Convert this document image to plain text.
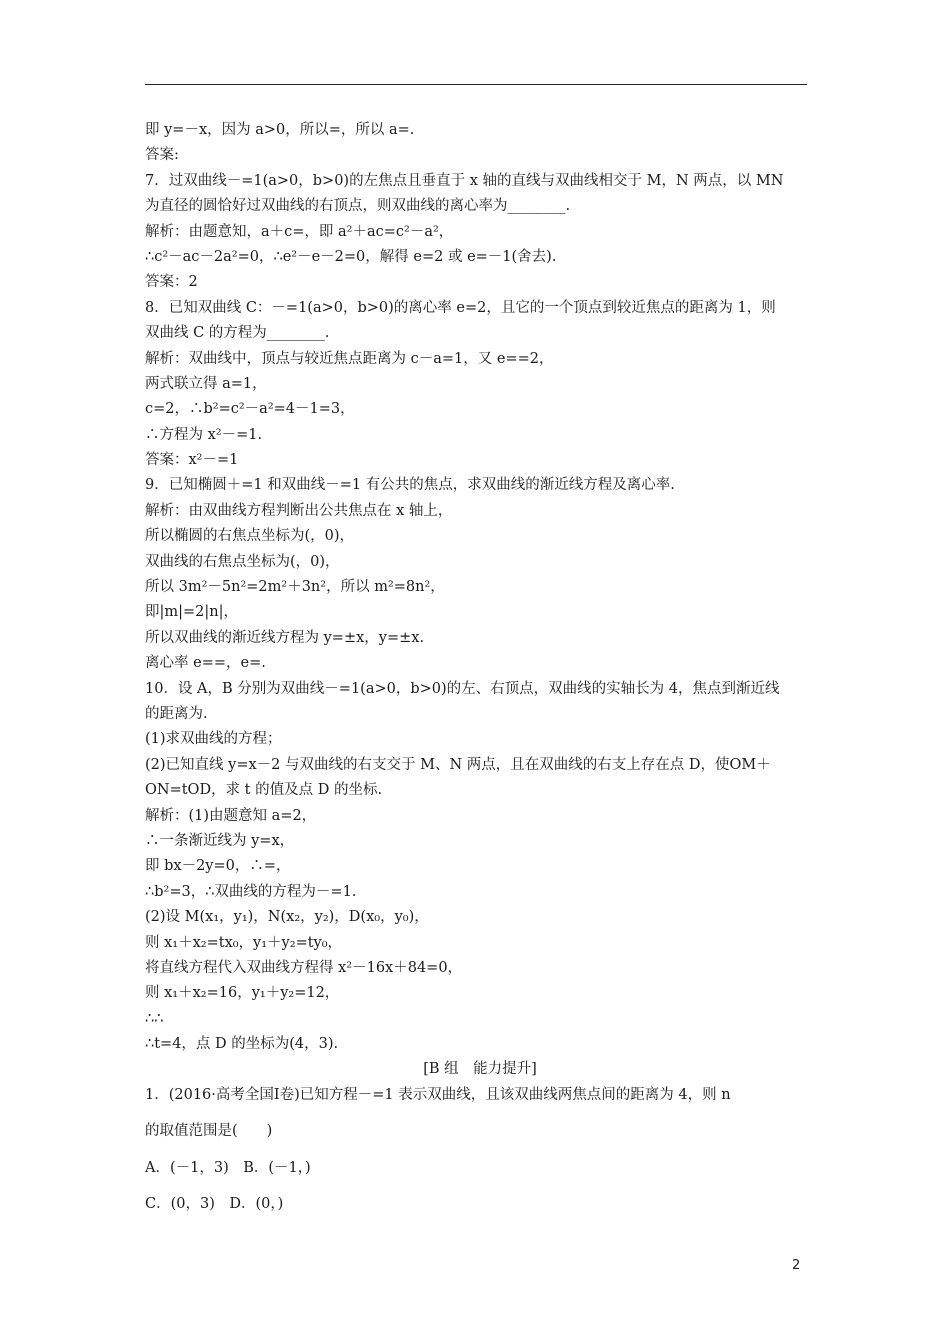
即 y=－x，因为 a>0，所以=，所以 a=.
答案:
7．过双曲线－=1(a>0，b>0)的左焦点且垂直于 x 轴的直线与双曲线相交于 M，N 两点，以 MN
为直径的圆恰好过双曲线的右顶点，则双曲线的离心率为________.
解析：由题意知，a＋c=，即 a²＋ac=c²－a²，
∴c²－ac－2a²=0，∴e²－e－2=0，解得 e=2 或 e=－1(舍去).
答案：2
8．已知双曲线 C：－=1(a>0，b>0)的离心率 e=2，且它的一个顶点到较近焦点的距离为 1，则
双曲线 C 的方程为________.
解析：双曲线中，顶点与较近焦点距离为 c－a=1，又 e==2，
两式联立得 a=1，
c=2，∴b²=c²－a²=4－1=3，
∴方程为 x²－=1.
答案：x²－=1
9．已知椭圆＋=1 和双曲线－=1 有公共的焦点，求双曲线的渐近线方程及离心率.
解析：由双曲线方程判断出公共焦点在 x 轴上，
所以椭圆的右焦点坐标为(，0)，
双曲线的右焦点坐标为(，0)，
所以 3m²－5n²=2m²＋3n²，所以 m²=8n²，
即|m|=2|n|，
所以双曲线的渐近线方程为 y=±x，y=±x.
离心率 e==，e=.
10．设 A，B 分别为双曲线－=1(a>0，b>0)的左、右顶点，双曲线的实轴长为 4，焦点到渐近线
的距离为.
(1)求双曲线的方程；
(2)已知直线 y=x－2 与双曲线的右支交于 M、N 两点，且在双曲线的右支上存在点 D，使OM＋
ON=tOD，求 t 的值及点 D 的坐标.
解析：(1)由题意知 a=2，
∴一条渐近线为 y=x，
即 bx－2y=0，∴=，
∴b²=3，∴双曲线的方程为－=1.
(2)设 M(x₁，y₁)，N(x₂，y₂)，D(x₀，y₀)，
则 x₁＋x₂=tx₀，y₁＋y₂=ty₀，
将直线方程代入双曲线方程得 x²－16x＋84=0，
则 x₁＋x₂=16，y₁＋y₂=12，
∴∴
∴t=4，点 D 的坐标为(4，3).
[B 组　能力提升]
1．(2016·高考全国Ⅰ卷)已知方程－=1 表示双曲线，且该双曲线两焦点间的距离为 4，则 n
的取值范围是(　　)
A．(－1，3)　B．(－1，)
C．(0，3)　D．(0，)
2
